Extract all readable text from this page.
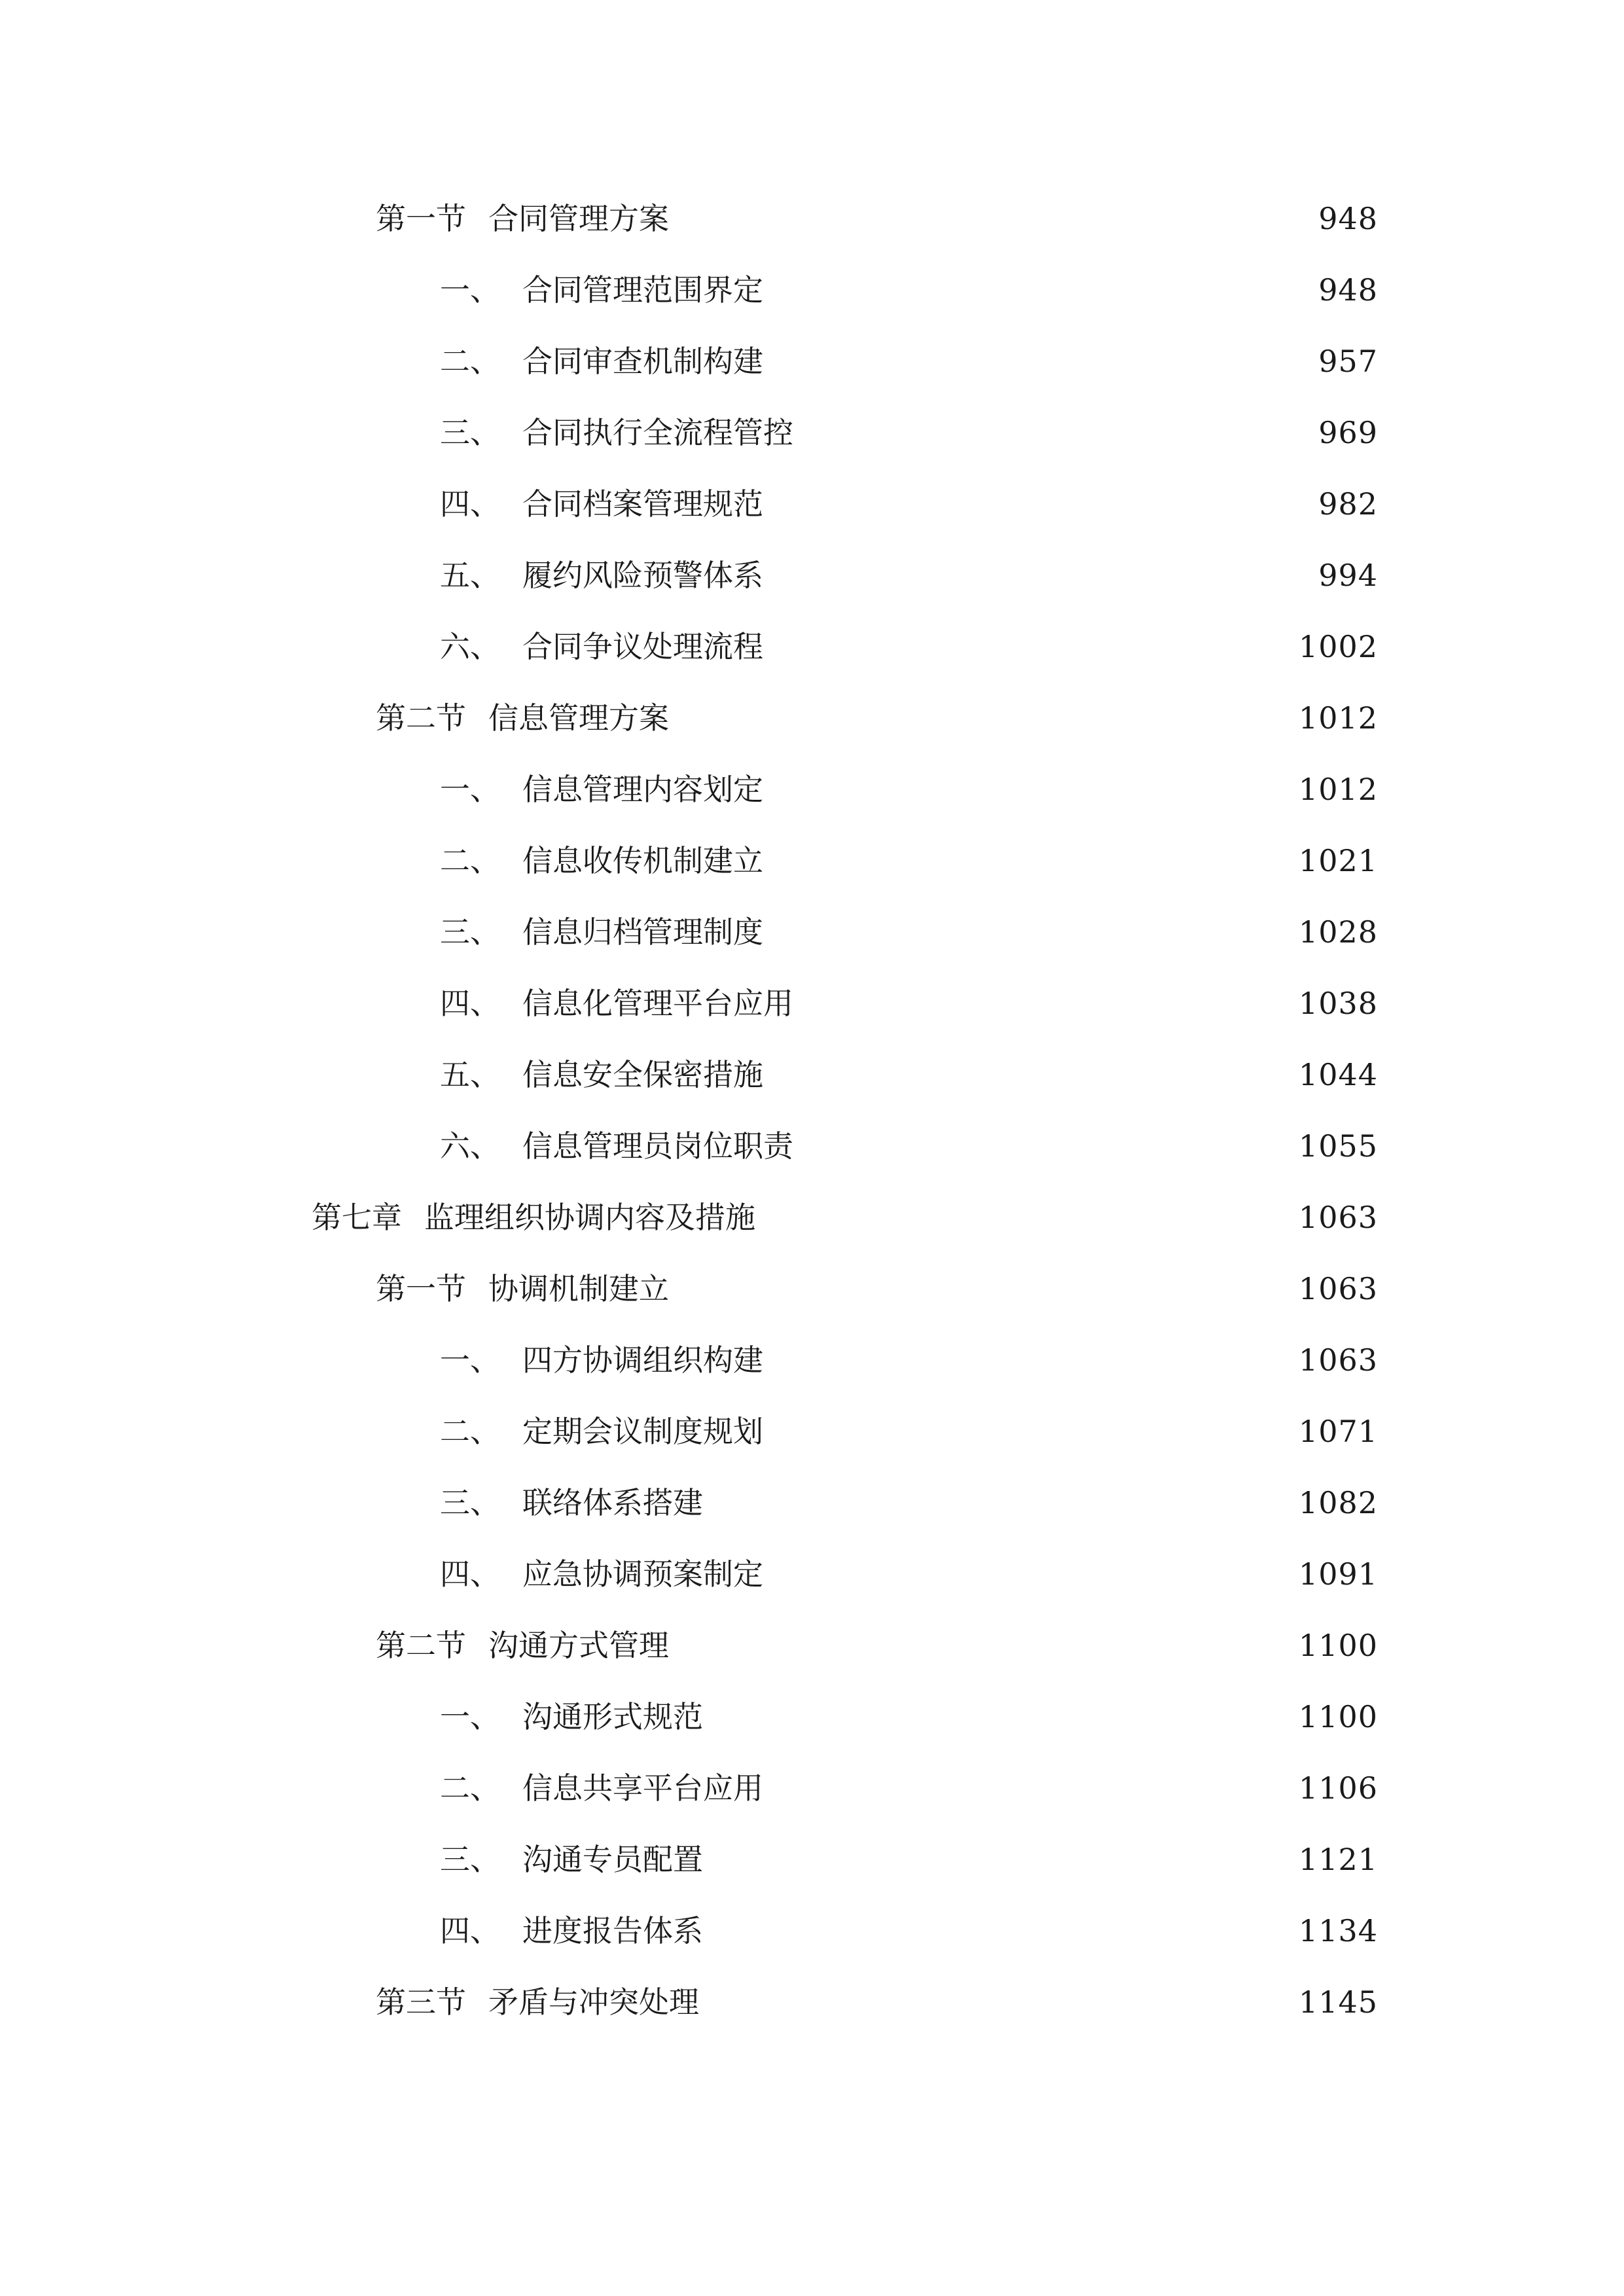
第一节 合同管理方案	948
一、 合同管理范围界定	948
二、 合同审查机制构建	957
三、 合同执行全流程管控	969
四、 合同档案管理规范	982
五、 履约风险预警体系	994
六、 合同争议处理流程	1002
第二节 信息管理方案	1012
一、 信息管理内容划定	1012
二、 信息收传机制建立	1021
三、 信息归档管理制度	1028
四、 信息化管理平台应用	1038
五、 信息安全保密措施	1044
六、 信息管理员岗位职责	1055
第七章 监理组织协调内容及措施	1063
第一节 协调机制建立	1063
一、 四方协调组织构建	1063
二、 定期会议制度规划	1071
三、 联络体系搭建	1082
四、 应急协调预案制定	1091
第二节 沟通方式管理	1100
一、 沟通形式规范	1100
二、 信息共享平台应用	1106
三、 沟通专员配置	1121
四、 进度报告体系	1134
第三节 矛盾与冲突处理	1145
